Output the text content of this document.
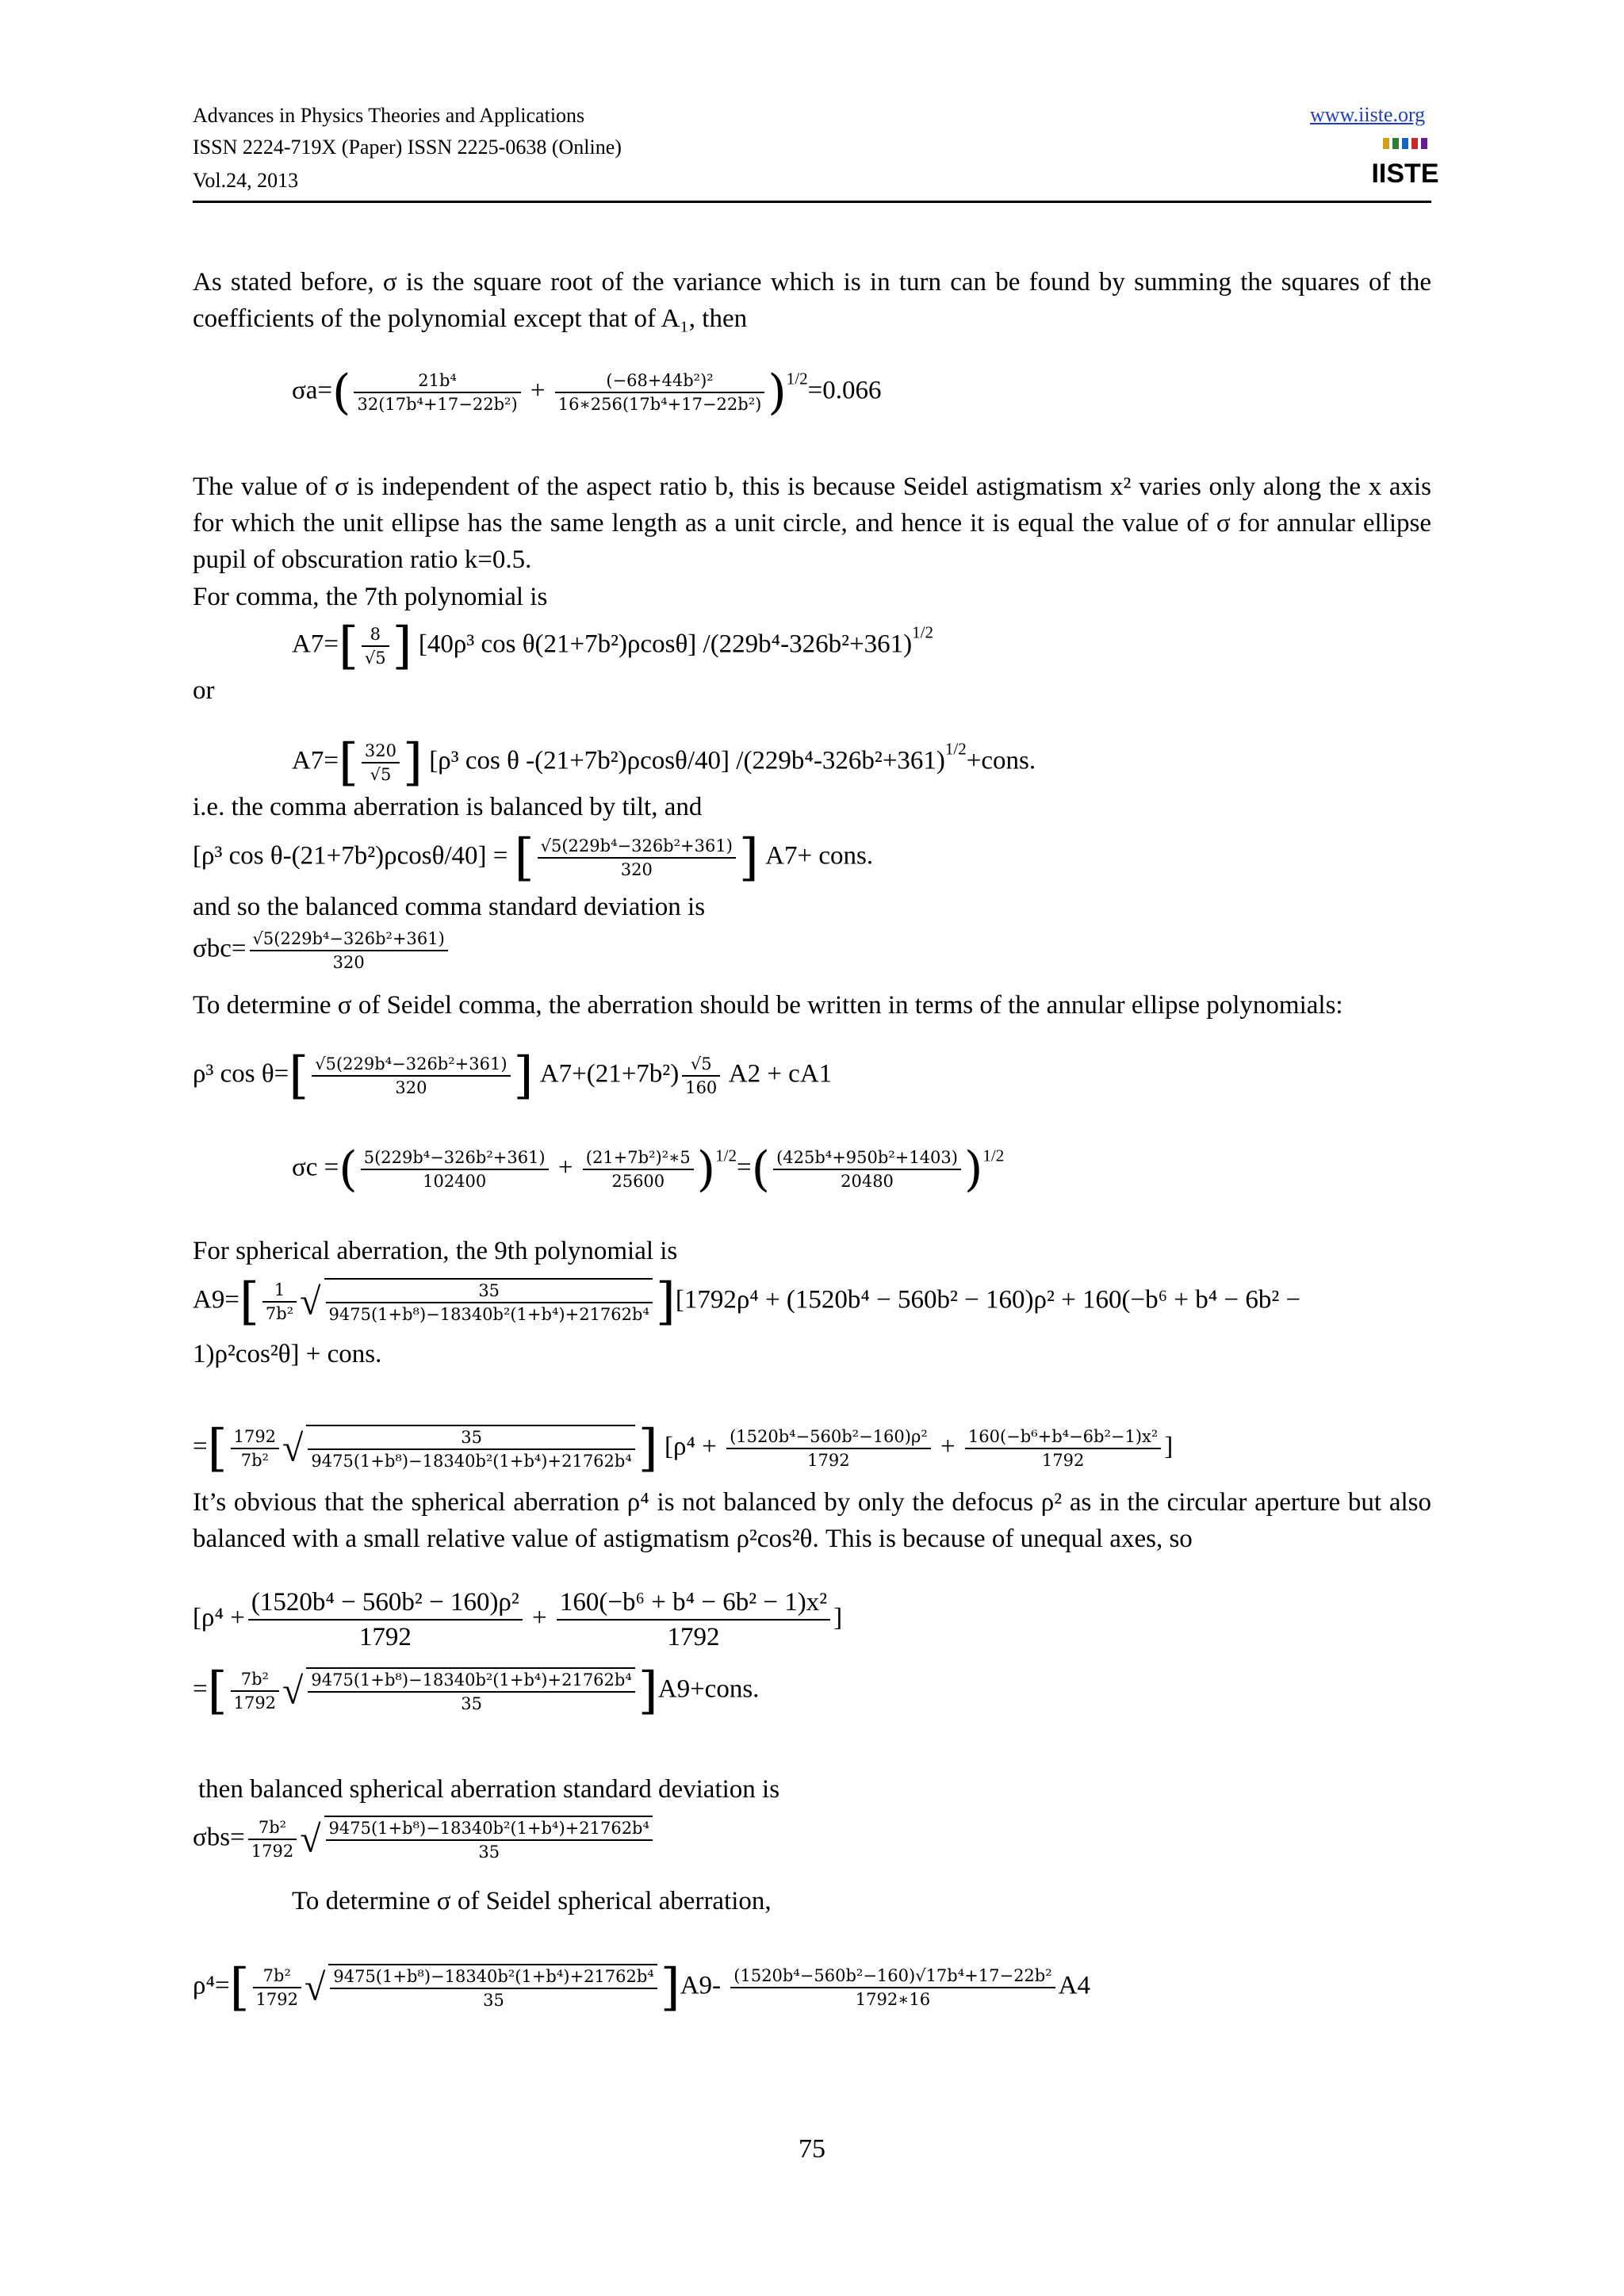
Advances in Physics Theories and Applications
ISSN 2224-719X (Paper) ISSN 2225-0638 (Online)
Vol.24, 2013
www.iiste.org
IISTE
As stated before, σ is the square root of the variance which is in turn can be found by summing the squares of the coefficients of the polynomial except that of A₁, then
$\sigma a=( \frac{\text{21b⁴}}{\text{32(17b⁴+17−22b²)}} + \frac{\text{(−68+44b²)²}}{\text{16∗256(17b⁴+17−22b²)}} )^{1/2}=0.066$
The value of σ is independent of the aspect ratio b, this is because Seidel astigmatism x² varies only along the x axis for which the unit ellipse has the same length as a unit circle, and hence it is equal the value of σ for annular ellipse pupil of obscuration ratio k=0.5.
For comma, the 7th polynomial is
$A7=[ \frac{8}{√5}$ ] [40ρ³ cos θ(21+7b²)ρcosθ] $/(229b^4-326b^2+361)^{1/2}$
or
$A7=[ \frac{320}{√5}$ ] [ρ³ cos θ -(21+7b²)ρcosθ/40] $/(229b^4-326b^2+361)^{1/2}+cons$.
i.e. the comma aberration is balanced by tilt, and
[ρ³ cos θ-(21+7b²)ρcosθ/40] = [ $\frac{\text{√5(229b⁴−326b²+361)}}{320}$ ] A7+ cons.
and so the balanced comma standard deviation is
$\sigma bc= \frac{\text{√5(229b⁴−326b²+361)}}{320}$
To determine σ of Seidel comma, the aberration should be written in terms of the annular ellipse polynomials:
ρ³ $\cos \theta=[ \frac{\text{√5(229b⁴−326b²+361)}}{320}$ ] $A7+(21+7b^2) \frac{√5}{160} A2 + cA1$
σc =( $\frac{\text{5(229b⁴−326b²+361)}}{102400} + \frac{\text{(21+7b²)²∗5}}{25600} )^{1/2}=( \frac{\text{(425b⁴+950b²+1403)}}{20480} )^{1/2}$
For spherical aberration, the 9th polynomial is
$A9=[ \frac{1}{\text{7b²}}$ √ $\frac{35}{\text{9475(1+b⁸)−18340b²(1+b⁴)+21762b⁴}} ][1792\rho^4 + (1520b^4 - 560b^2 - 160)\rho^2 + 160(-b^6 + b^4 - 6b^2$ −
1)ρ²cos²θ] + cons.
=[ $\frac{1792}{\text{7b²}}$ √ $\frac{35}{\text{9475(1+b⁸)−18340b²(1+b⁴)+21762b⁴}}$ ] [$\rho^4 + \frac{\text{(1520b⁴−560b²−160)ρ²}}{1792} + \frac{\text{160(−b⁶+b⁴−6b²−1)x²}}{1792}$ ]
It’s obvious that the spherical aberration ρ⁴ is not balanced by only the defocus ρ² as in the circular aperture but also balanced with a small relative value of astigmatism ρ²cos²θ. This is because of unequal axes, so
[$\rho^4 + \frac{\text{(1520b⁴ − 560b² − 160)ρ²}}{1792} + \frac{\text{160(−b⁶ + b⁴ − 6b² − 1)x²}}{1792}$ ]
=[ $\frac{\text{7b²}}{1792}$ √ $\frac{\text{9475(1+b⁸)−18340b²(1+b⁴)+21762b⁴}}{35}$ ]A9+cons.
then balanced spherical aberration standard deviation is
$\sigma bs= \frac{\text{7b²}}{1792}$ √ $\frac{\text{9475(1+b⁸)−18340b²(1+b⁴)+21762b⁴}}{35}$
To determine σ of Seidel spherical aberration,
$\rho^4=[ \frac{\text{7b²}}{1792}$ √ $\frac{\text{9475(1+b⁸)−18340b²(1+b⁴)+21762b⁴}}{35} ]A9- \frac{\text{(1520b⁴−560b²−160)√17b⁴+17−22b²}}{1792∗16} A4$
75
